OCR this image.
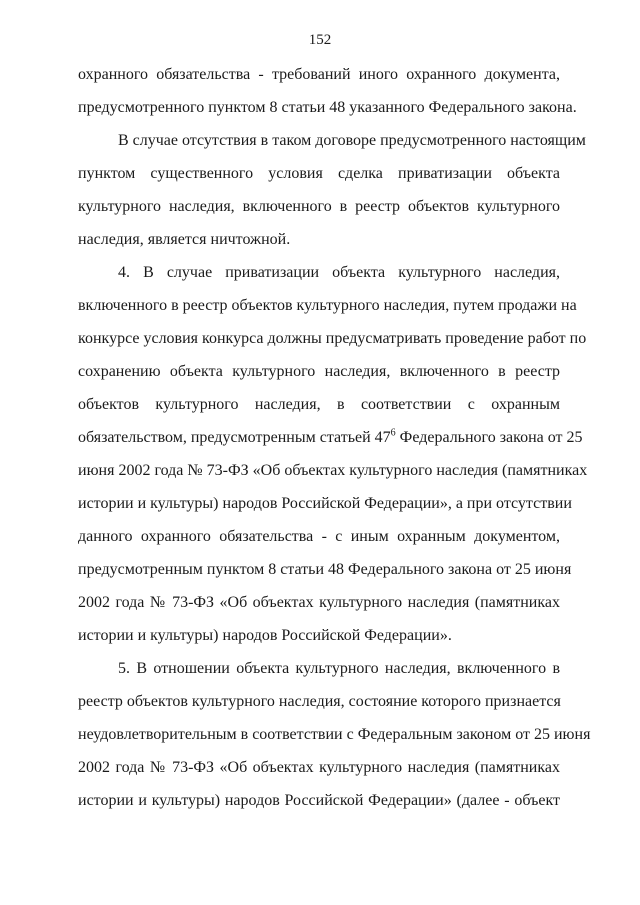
152
охранного обязательства - требований иного охранного документа,
предусмотренного пунктом 8 статьи 48 указанного Федерального закона.
В случае отсутствия в таком договоре предусмотренного настоящим
пунктом существенного условия сделка приватизации объекта
культурного наследия, включенного в реестр объектов культурного
наследия, является ничтожной.
4. В случае приватизации объекта культурного наследия,
включенного в реестр объектов культурного наследия, путем продажи на
конкурсе условия конкурса должны предусматривать проведение работ по
сохранению объекта культурного наследия, включенного в реестр
объектов культурного наследия, в соответствии с охранным
обязательством, предусмотренным статьей $47^6$ Федерального закона от 25
июня 2002 года № 73-ФЗ «Об объектах культурного наследия (памятниках
истории и культуры) народов Российской Федерации», а при отсутствии
данного охранного обязательства - с иным охранным документом,
предусмотренным пунктом 8 статьи 48 Федерального закона от 25 июня
2002 года № 73-ФЗ «Об объектах культурного наследия (памятниках
истории и культуры) народов Российской Федерации».
5. В отношении объекта культурного наследия, включенного в
реестр объектов культурного наследия, состояние которого признается
неудовлетворительным в соответствии с Федеральным законом от 25 июня
2002 года № 73-ФЗ «Об объектах культурного наследия (памятниках
истории и культуры) народов Российской Федерации» (далее - объект
